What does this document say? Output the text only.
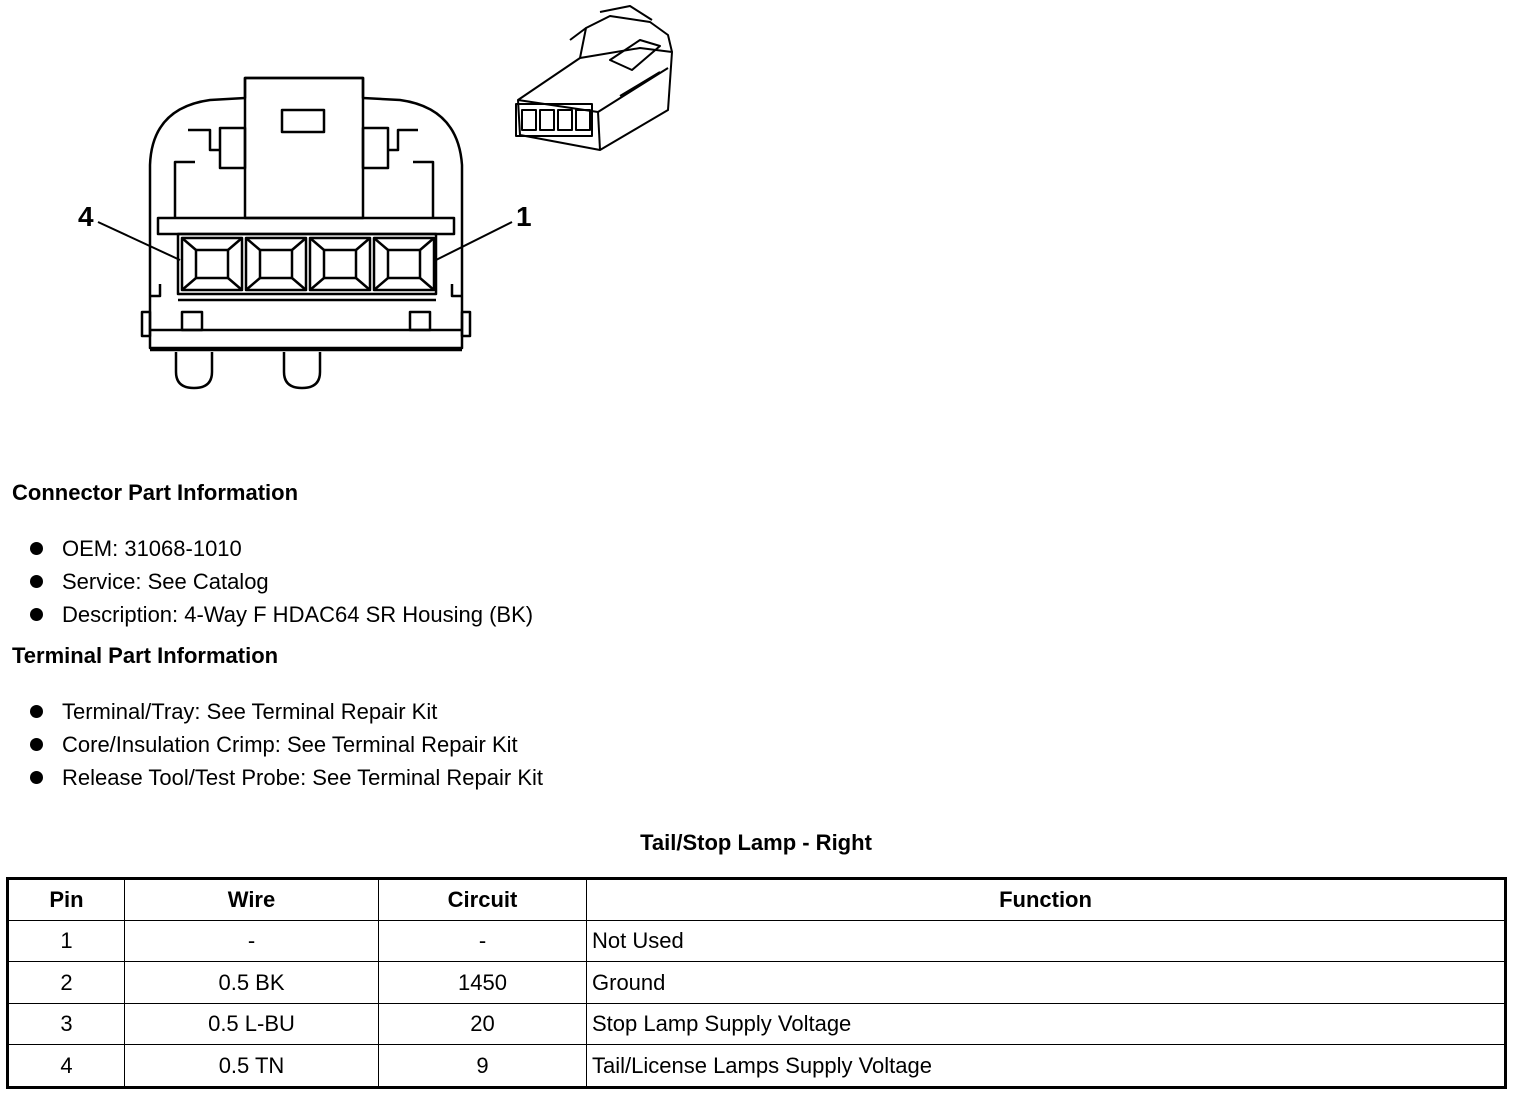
4	1
Connector Part Information
OEM: 31068-1010
Service: See Catalog
Description: 4-Way F HDAC64 SR Housing (BK)
Terminal Part Information
Terminal/Tray: See Terminal Repair Kit
Core/Insulation Crimp: See Terminal Repair Kit
Release Tool/Test Probe: See Terminal Repair Kit
Tail/Stop Lamp - Right
Pin	Wire	Circuit	Function
1	-	-	Not Used
2	0.5 BK	1450	Ground
3	0.5 L-BU	20	Stop Lamp Supply Voltage
4	0.5 TN	9	Tail/License Lamps Supply Voltage
